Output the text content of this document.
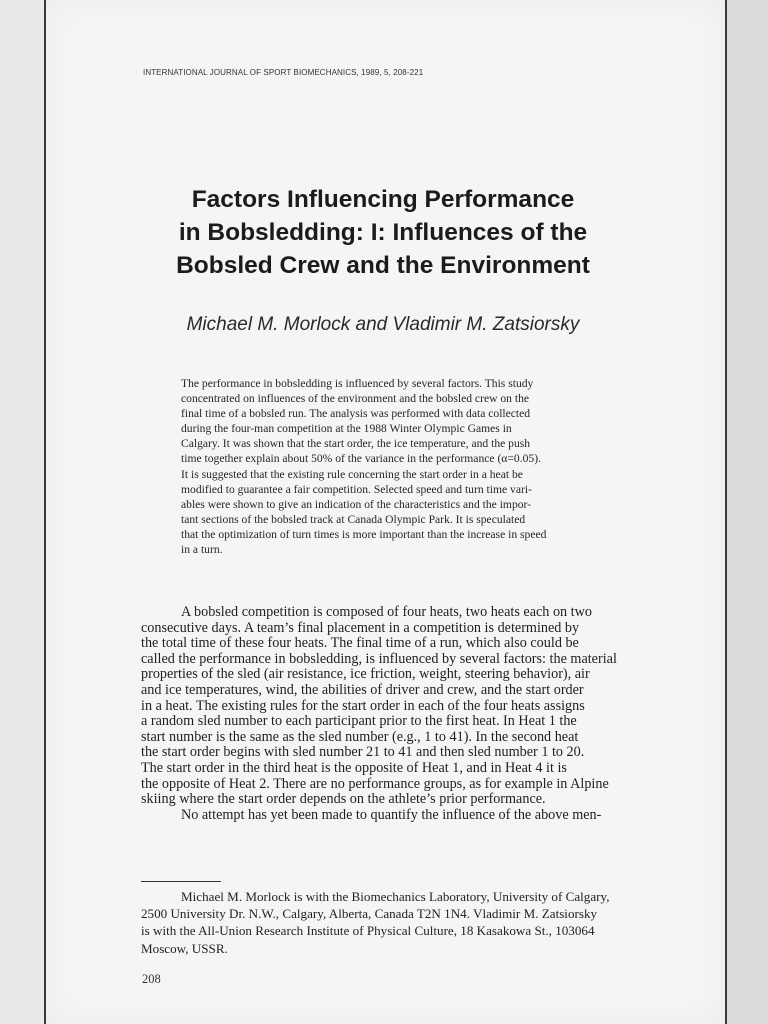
INTERNATIONAL JOURNAL OF SPORT BIOMECHANICS, 1989, 5, 208-221
Factors Influencing Performance
in Bobsledding: I: Influences of the
Bobsled Crew and the Environment
Michael M. Morlock and Vladimir M. Zatsiorsky
The performance in bobsledding is influenced by several factors. This study
concentrated on influences of the environment and the bobsled crew on the
final time of a bobsled run. The analysis was performed with data collected
during the four-man competition at the 1988 Winter Olympic Games in
Calgary. It was shown that the start order, the ice temperature, and the push
time together explain about 50% of the variance in the performance (α=0.05).
It is suggested that the existing rule concerning the start order in a heat be
modified to guarantee a fair competition. Selected speed and turn time vari-
ables were shown to give an indication of the characteristics and the impor-
tant sections of the bobsled track at Canada Olympic Park. It is speculated
that the optimization of turn times is more important than the increase in speed
in a turn.
A bobsled competition is composed of four heats, two heats each on two
consecutive days. A team’s final placement in a competition is determined by
the total time of these four heats. The final time of a run, which also could be
called the performance in bobsledding, is influenced by several factors: the material
properties of the sled (air resistance, ice friction, weight, steering behavior), air
and ice temperatures, wind, the abilities of driver and crew, and the start order
in a heat. The existing rules for the start order in each of the four heats assigns
a random sled number to each participant prior to the first heat. In Heat 1 the
start number is the same as the sled number (e.g., 1 to 41). In the second heat
the start order begins with sled number 21 to 41 and then sled number 1 to 20.
The start order in the third heat is the opposite of Heat 1, and in Heat 4 it is
the opposite of Heat 2. There are no performance groups, as for example in Alpine
skiing where the start order depends on the athlete’s prior performance.
No attempt has yet been made to quantify the influence of the above men-
Michael M. Morlock is with the Biomechanics Laboratory, University of Calgary,
2500 University Dr. N.W., Calgary, Alberta, Canada T2N 1N4. Vladimir M. Zatsiorsky
is with the All-Union Research Institute of Physical Culture, 18 Kasakowa St., 103064
Moscow, USSR.
208
